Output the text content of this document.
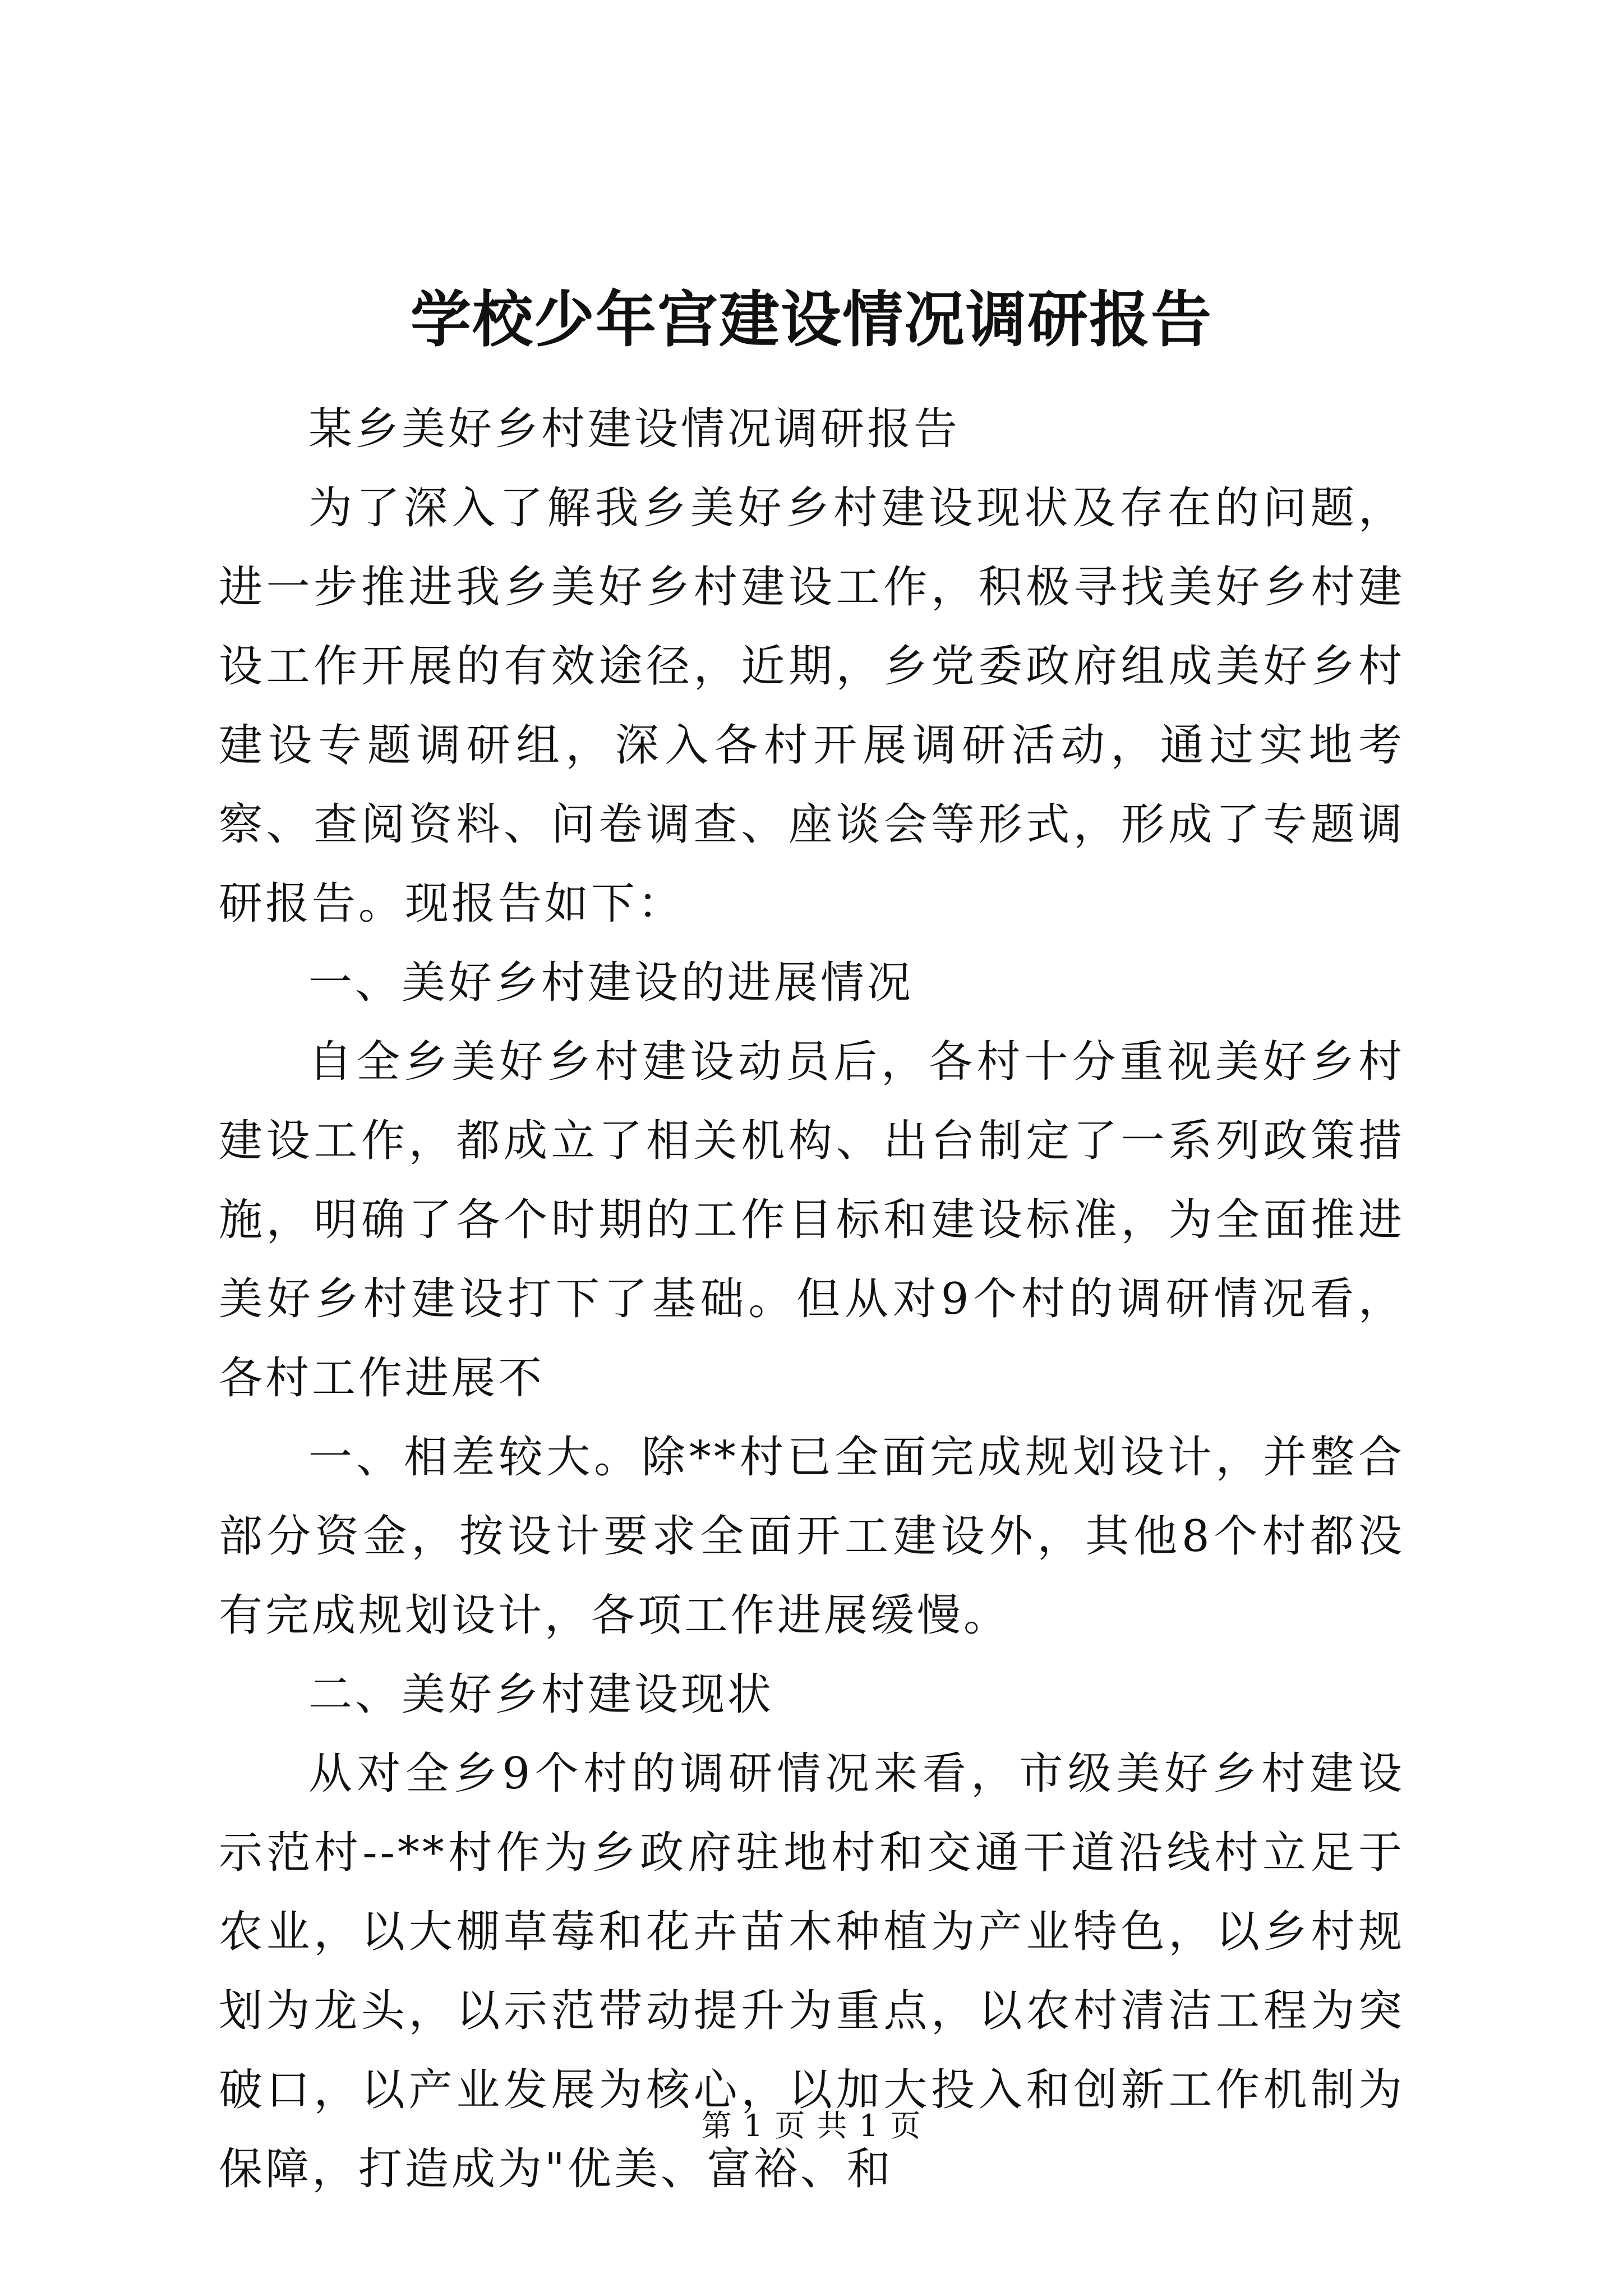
学校少年宫建设情况调研报告

某乡美好乡村建设情况调研报告

为了深入了解我乡美好乡村建设现状及存在的问题，进一步推进我乡美好乡村建设工作，积极寻找美好乡村建设工作开展的有效途径，近期，乡党委政府组成美好乡村建设专题调研组，深入各村开展调研活动，通过实地考察、查阅资料、问卷调查、座谈会等形式，形成了专题调研报告。现报告如下：

一、美好乡村建设的进展情况

自全乡美好乡村建设动员后，各村十分重视美好乡村建设工作，都成立了相关机构、出台制定了一系列政策措施，明确了各个时期的工作目标和建设标准，为全面推进美好乡村建设打下了基础。但从对9个村的调研情况看，各村工作进展不

一、相差较大。除**村已全面完成规划设计，并整合部分资金，按设计要求全面开工建设外，其他8个村都没有完成规划设计，各项工作进展缓慢。

二、美好乡村建设现状

从对全乡9个村的调研情况来看，市级美好乡村建设示范村--**村作为乡政府驻地村和交通干道沿线村立足于农业，以大棚草莓和花卉苗木种植为产业特色，以乡村规划为龙头，以示范带动提升为重点，以农村清洁工程为突破口，以产业发展为核心，以加大投入和创新工作机制为保障，打造成为"优美、富裕、和

第 1 页 共 1 页
